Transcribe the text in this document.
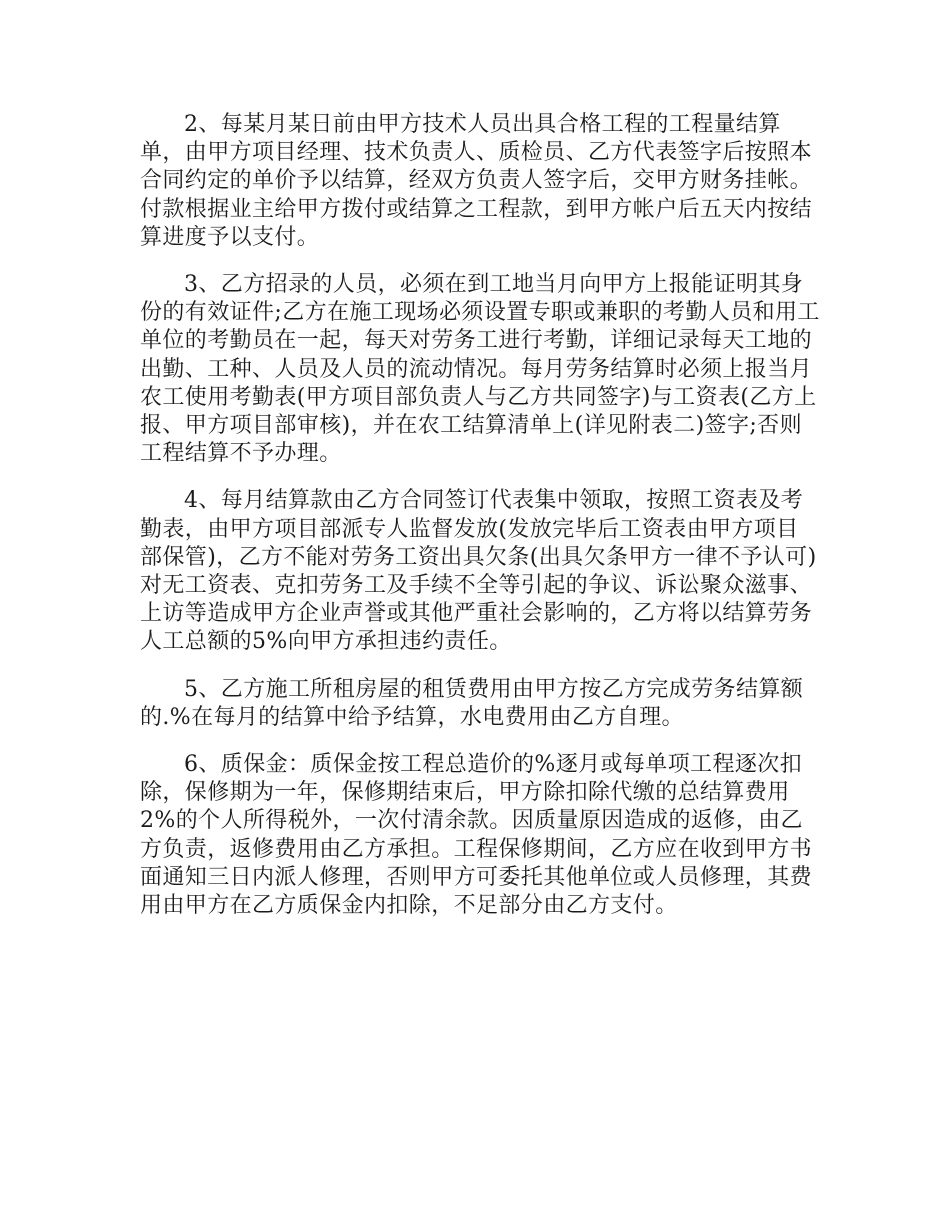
2、每某月某日前由甲方技术人员出具合格工程的工程量结算单，由甲方项目经理、技术负责人、质检员、乙方代表签字后按照本合同约定的单价予以结算，经双方负责人签字后，交甲方财务挂帐。付款根据业主给甲方拨付或结算之工程款，到甲方帐户后五天内按结算进度予以支付。

3、乙方招录的人员，必须在到工地当月向甲方上报能证明其身份的有效证件;乙方在施工现场必须设置专职或兼职的考勤人员和用工单位的考勤员在一起，每天对劳务工进行考勤，详细记录每天工地的出勤、工种、人员及人员的流动情况。每月劳务结算时必须上报当月农工使用考勤表(甲方项目部负责人与乙方共同签字)与工资表(乙方上报、甲方项目部审核)，并在农工结算清单上(详见附表二)签字;否则工程结算不予办理。

4、每月结算款由乙方合同签订代表集中领取，按照工资表及考勤表，由甲方项目部派专人监督发放(发放完毕后工资表由甲方项目部保管)，乙方不能对劳务工资出具欠条(出具欠条甲方一律不予认可)对无工资表、克扣劳务工及手续不全等引起的争议、诉讼聚众滋事、上访等造成甲方企业声誉或其他严重社会影响的，乙方将以结算劳务人工总额的5%向甲方承担违约责任。

5、乙方施工所租房屋的租赁费用由甲方按乙方完成劳务结算额的.%在每月的结算中给予结算，水电费用由乙方自理。

6、质保金：质保金按工程总造价的%逐月或每单项工程逐次扣除，保修期为一年，保修期结束后，甲方除扣除代缴的总结算费用2%的个人所得税外，一次付清余款。因质量原因造成的返修，由乙方负责，返修费用由乙方承担。工程保修期间，乙方应在收到甲方书面通知三日内派人修理，否则甲方可委托其他单位或人员修理，其费用由甲方在乙方质保金内扣除，不足部分由乙方支付。
